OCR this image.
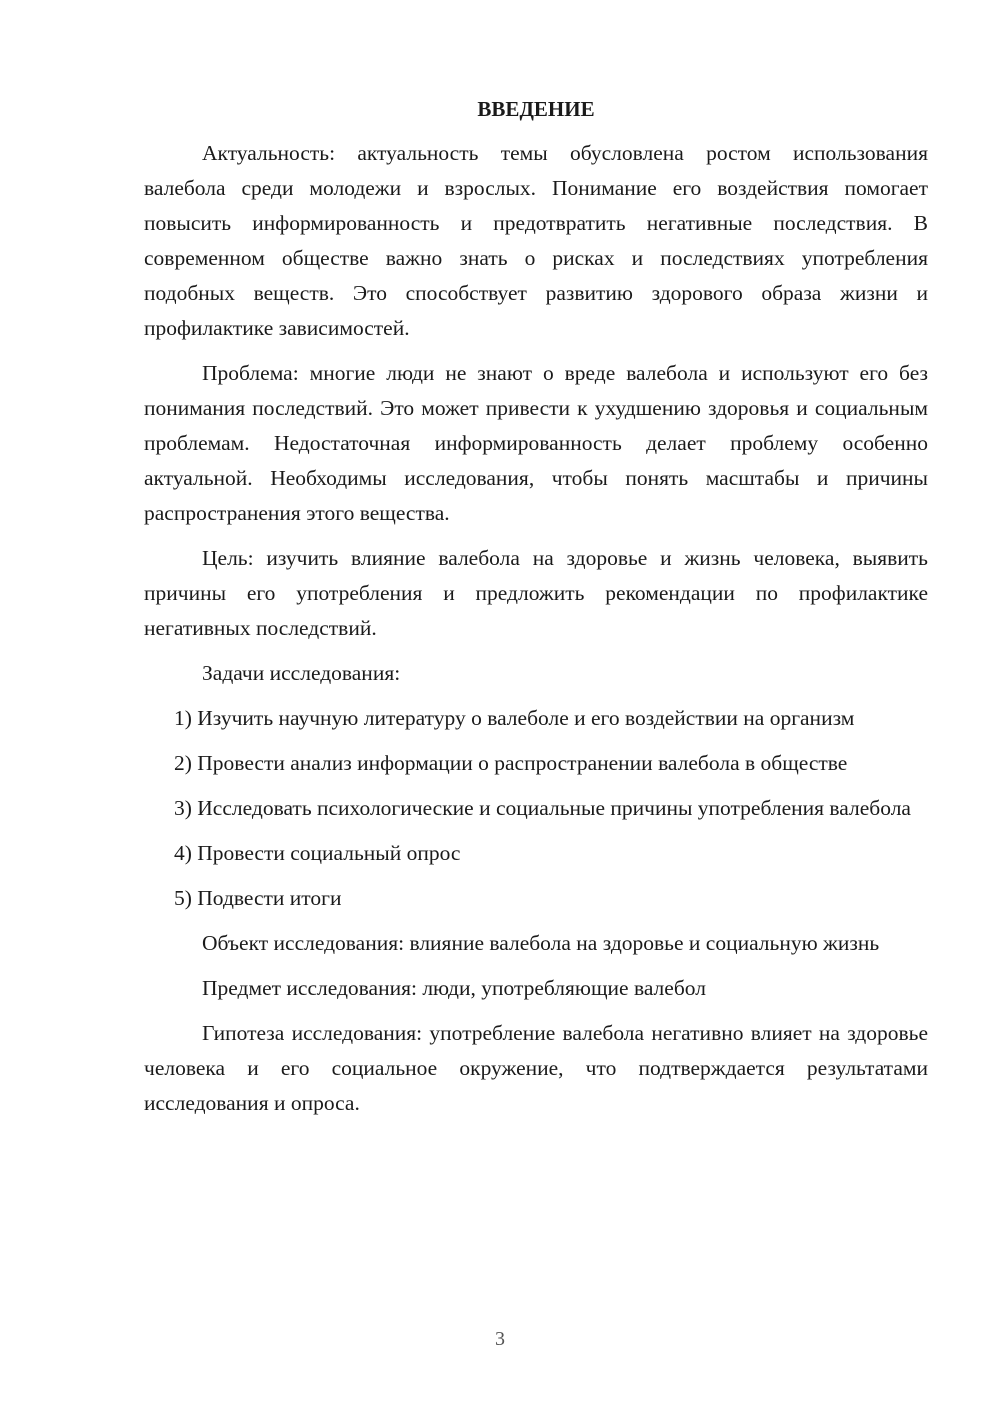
ВВЕДЕНИЕ

Актуальность: актуальность темы обусловлена ростом использования валебола среди молодежи и взрослых. Понимание его воздействия помогает повысить информированность и предотвратить негативные последствия. В современном обществе важно знать о рисках и последствиях употребления подобных веществ. Это способствует развитию здорового образа жизни и профилактике зависимостей.

Проблема: многие люди не знают о вреде валебола и используют его без понимания последствий. Это может привести к ухудшению здоровья и социальным проблемам. Недостаточная информированность делает проблему особенно актуальной. Необходимы исследования, чтобы понять масштабы и причины распространения этого вещества.

Цель: изучить влияние валебола на здоровье и жизнь человека, выявить причины его употребления и предложить рекомендации по профилактике негативных последствий.

Задачи исследования:

1) Изучить научную литературу о валеболе и его воздействии на организм

2) Провести анализ информации о распространении валебола в обществе

3) Исследовать психологические и социальные причины употребления валебола

4) Провести социальный опрос

5) Подвести итоги

Объект исследования: влияние валебола на здоровье и социальную жизнь

Предмет исследования: люди, употребляющие валебол

Гипотеза исследования: употребление валебола негативно влияет на здоровье человека и его социальное окружение, что подтверждается результатами исследования и опроса.

3
